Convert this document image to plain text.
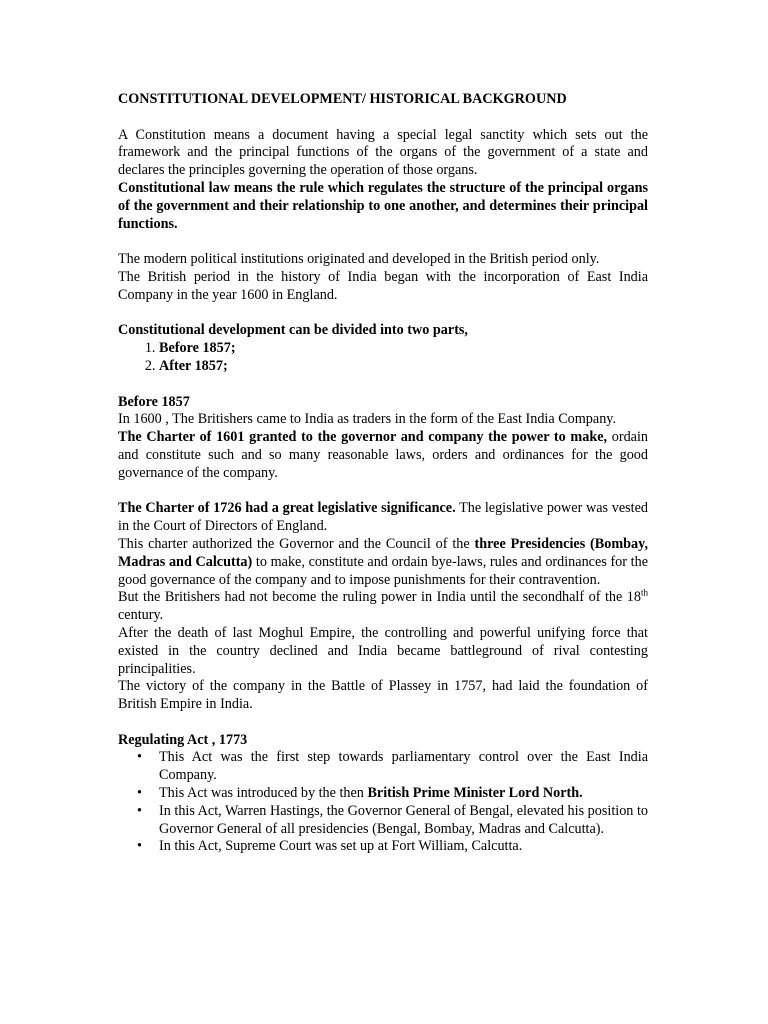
CONSTITUTIONAL DEVELOPMENT/ HISTORICAL BACKGROUND

A Constitution means a document having a special legal sanctity which sets out the framework and the principal functions of the organs of the government of a state and declares the principles governing the operation of those organs.

Constitutional law means the rule which regulates the structure of the principal organs of the government and their relationship to one another, and determines their principal functions.

The modern political institutions originated and developed in the British period only.

The British period in the history of India began with the incorporation of East India Company in the year 1600 in England.

Constitutional development can be divided into two parts,

1. Before 1857;
2. After 1857;

Before 1857

In 1600 , The Britishers came to India as traders in the form of the East India Company.

The Charter of 1601 granted to the governor and company the power to make, ordain and constitute such and so many reasonable laws, orders and ordinances for the good governance of the company.

The Charter of 1726 had a great legislative significance. The legislative power was vested in the Court of Directors of England.

This charter authorized the Governor and the Council of the three Presidencies (Bombay, Madras and Calcutta) to make, constitute and ordain bye-laws, rules and ordinances for the good governance of the company and to impose punishments for their contravention.

But the Britishers had not become the ruling power in India until the secondhalf of the 18th century.

After the death of last Moghul Empire, the controlling and powerful unifying force that existed in the country declined and India became battleground of rival contesting principalities.

The victory of the company in the Battle of Plassey in 1757, had laid the foundation of British Empire in India.

Regulating Act , 1773

• This Act was the first step towards parliamentary control over the East India Company.
• This Act was introduced by the then British Prime Minister Lord North.
• In this Act, Warren Hastings, the Governor General of Bengal, elevated his position to Governor General of all presidencies (Bengal, Bombay, Madras and Calcutta).
• In this Act, Supreme Court was set up at Fort William, Calcutta.
